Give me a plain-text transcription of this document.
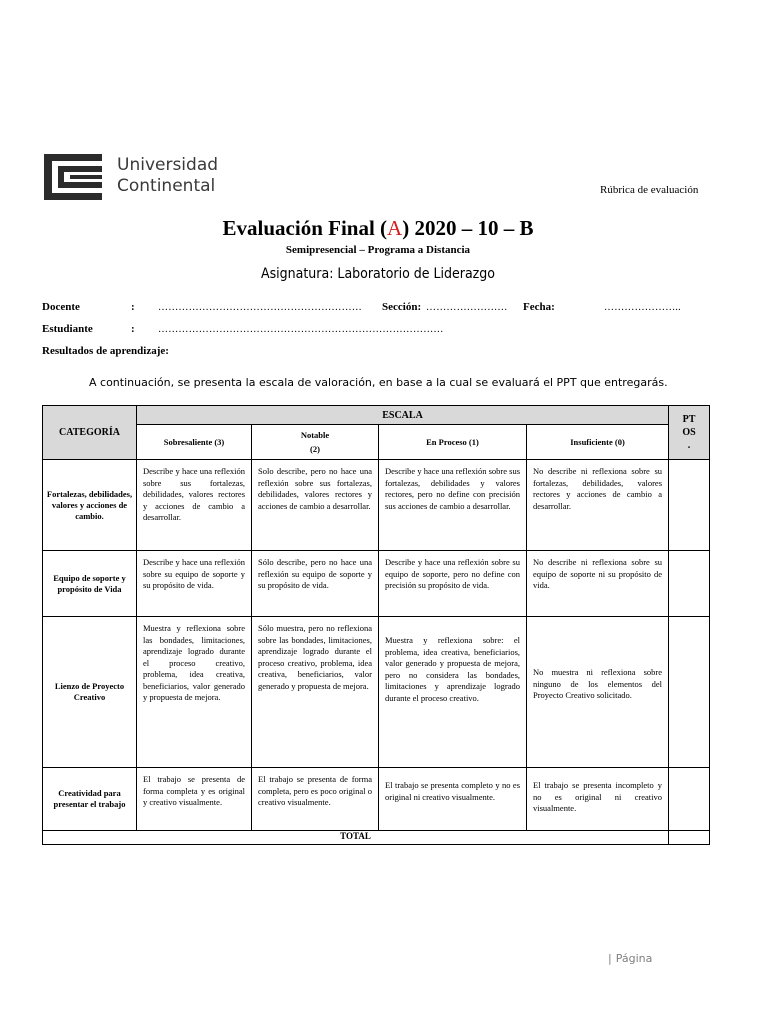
Universidad
Continental	Rúbrica de evaluación
Evaluación Final (A) 2020 – 10 – B
Semipresencial – Programa a Distancia
Asignatura: Laboratorio de Liderazgo
Docente	: …………………………………………………… Sección: …………………… Fecha:	…………………..
Estudiante	: …………………………………………………………………………
Resultados de aprendizaje:
A continuación, se presenta la escala de valoración, en base a la cual se evaluará el PPT que entregarás.
CATEGORÍA	ESCALA				PT
OS
.

	Sobresaliente (3)	Notable
(2)	En Proceso (1)	Insuficiente (0)	
Fortalezas, debilidades, valores y acciones de cambio.	Describe y hace una reflexión sobre sus fortalezas, debilidades, valores rectores y acciones de cambio a desarrollar.	Solo describe, pero no hace una reflexión sobre sus fortalezas, debilidades, valores rectores y acciones de cambio a desarrollar.	Describe y hace una reflexión sobre sus fortalezas, debilidades y valores rectores, pero no define con precisión sus acciones de cambio a desarrollar.	No describe ni reflexiona sobre su fortalezas, debilidades, valores rectores y acciones de cambio a desarrollar.	
Equipo de soporte y propósito de Vida	Describe y hace una reflexión sobre su equipo de soporte y su propósito de vida.	Sólo describe, pero no hace una reflexión su equipo de soporte y su propósito de vida.	Describe y hace una reflexión sobre su equipo de soporte, pero no define con precisión su propósito de vida.	No describe ni reflexiona sobre su equipo de soporte ni su propósito de vida.	
Lienzo de Proyecto Creativo	Muestra y reflexiona sobre las bondades, limitaciones, aprendizaje logrado durante el proceso creativo, problema, idea creativa, beneficiarios, valor generado y propuesta de mejora.	Sólo muestra, pero no reflexiona sobre las bondades, limitaciones, aprendizaje logrado durante el proceso creativo, problema, idea creativa, beneficiarios, valor generado y propuesta de mejora.	Muestra y reflexiona sobre: el problema, idea creativa, beneficiarios, valor generado y propuesta de mejora, pero no considera las bondades, limitaciones y aprendizaje logrado durante el proceso creativo.	No muestra ni reflexiona sobre ninguno de los elementos del Proyecto Creativo solicitado.	
Creatividad para presentar el trabajo	El trabajo se presenta de forma completa y es original y creativo visualmente.	El trabajo se presenta de forma completa, pero es poco original o creativo visualmente.	El trabajo se presenta completo y no es original ni creativo visualmente.	El trabajo se presenta incompleto y no es original ni creativo visualmente.	
TOTAL					
| Página
